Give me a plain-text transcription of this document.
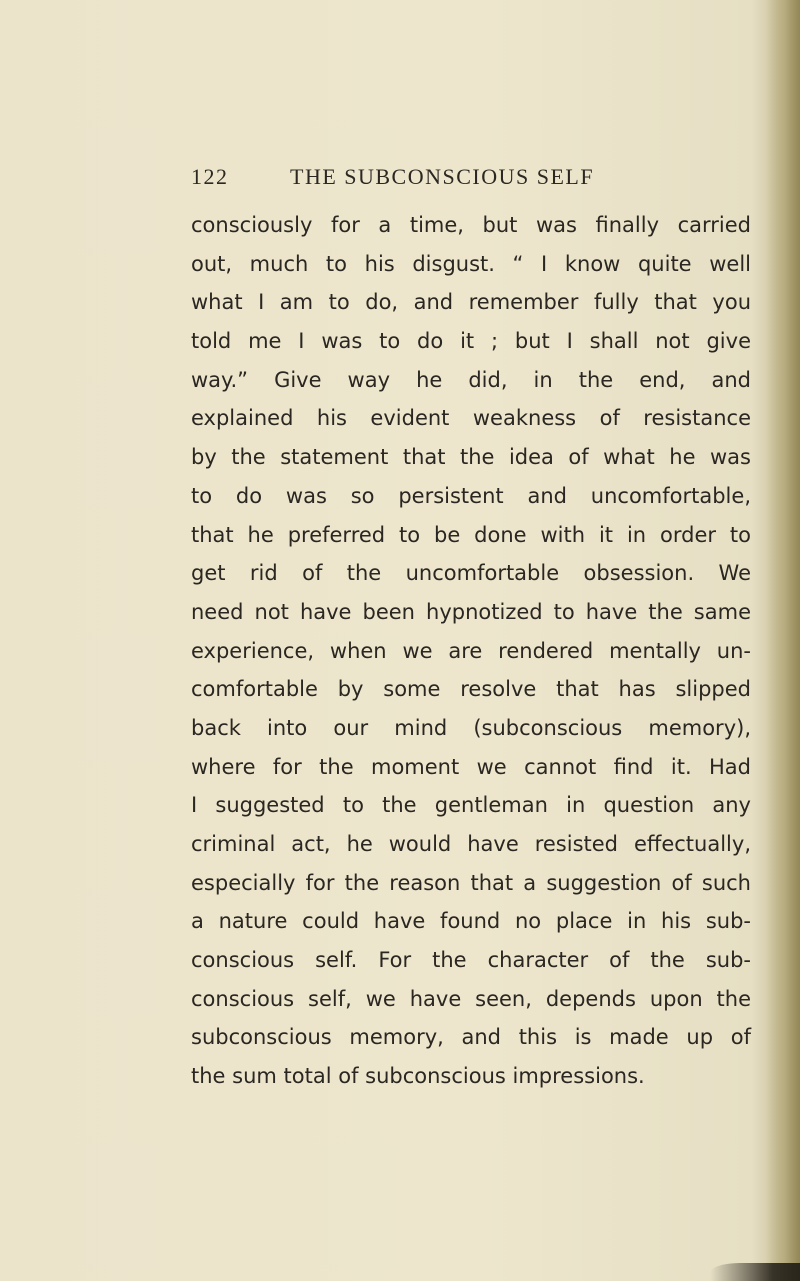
122	THE SUBCONSCIOUS SELF
consciously for a time, but was finally carried
out, much to his disgust. “ I know quite well
what I am to do, and remember fully that you
told me I was to do it ; but I shall not give
way.” Give way he did, in the end, and
explained his evident weakness of resistance
by the statement that the idea of what he was
to do was so persistent and uncomfortable,
that he preferred to be done with it in order to
get rid of the uncomfortable obsession. We
need not have been hypnotized to have the same
experience, when we are rendered mentally un-
comfortable by some resolve that has slipped
back into our mind (subconscious memory),
where for the moment we cannot find it. Had
I suggested to the gentleman in question any
criminal act, he would have resisted effectually,
especially for the reason that a suggestion of such
a nature could have found no place in his sub-
conscious self. For the character of the sub-
conscious self, we have seen, depends upon the
subconscious memory, and this is made up of
the sum total of subconscious impressions.
